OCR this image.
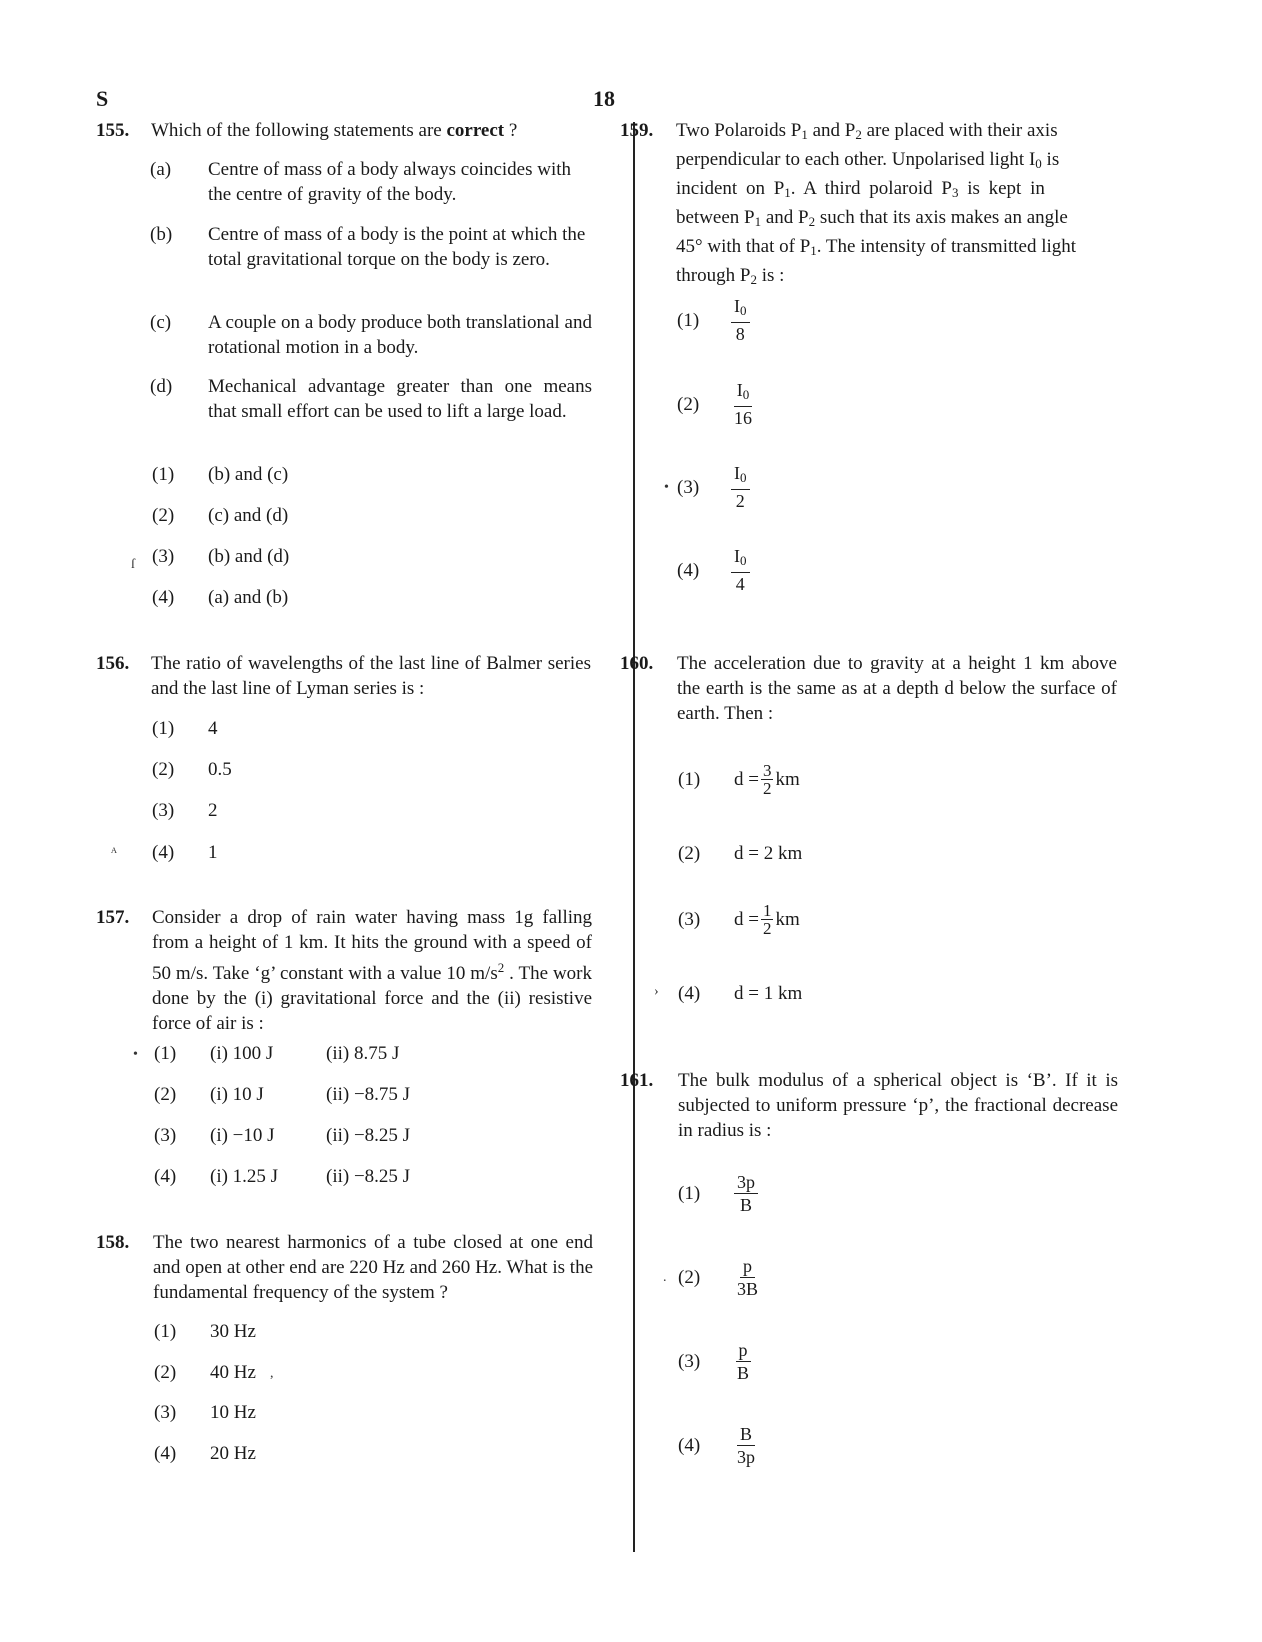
S	18
155. Which of the following statements are correct ?
(a) Centre of mass of a body always coincides with the centre of gravity of the body.
(b) Centre of mass of a body is the point at which the total gravitational torque on the body is zero.
(c) A couple on a body produce both translational and rotational motion in a body.
(d) Mechanical advantage greater than one means that small effort can be used to lift a large load.
(1) (b) and (c)
(2) (c) and (d)
(3) (b) and (d)
(4) (a) and (b)
ſ
156. The ratio of wavelengths of the last line of Balmer series and the last line of Lyman series is :
(1) 4
(2) 0.5
(3) 2
(4) 1
ᴬ
157. Consider a drop of rain water having mass 1g falling from a height of 1 km. It hits the ground with a speed of 50 m/s. Take ‘g’ constant with a value 10 $m/s^2$ . The work done by the (i) gravitational force and the (ii) resistive force of air is :
(1) (i) 100 J	(ii) 8.75 J
(2) (i) 10 J	(ii) −8.75 J
(3) (i) −10 J	(ii) −8.25 J
(4) (i) 1.25 J	(ii) −8.25 J
•
158. The two nearest harmonics of a tube closed at one end and open at other end are 220 Hz and 260 Hz. What is the fundamental frequency of the system ?
(1) 30 Hz
(2) 40 Hz
(3) 10 Hz
(4) 20 Hz
,
159. Two Polaroids $P_1$ and $P_2$ are placed with their axis
perpendicular to each other. Unpolarised light $I_0$ is
incident on $P_1$. A third polaroid $P_3$ is kept in
between $P_1$ and $P_2$ such that its axis makes an angle
45° with that of $P_1$. The intensity of transmitted light
through $P_2$ is :
$(1) \frac{I_0}{8}$
$(2) \frac{I_0}{16}$
$(3) \frac{I_0}{2}$
$(4) \frac{I_0}{4}$
•
160. The acceleration due to gravity at a height 1 km above the earth is the same as at a depth d below the surface of earth. Then :
(1) $d = \frac{3}{2}$ km
(2) d = 2 km
(3) $d = \frac{1}{2}$ km
(4) d = 1 km
›
161. The bulk modulus of a spherical object is ‘B’. If it is subjected to uniform pressure ‘p’, the fractional decrease in radius is :
$(1) \frac{3p}{B}$
$(2) \frac{p}{3B}$
$(3) \frac{p}{B}$
$(4) \frac{B}{3p}$
.
